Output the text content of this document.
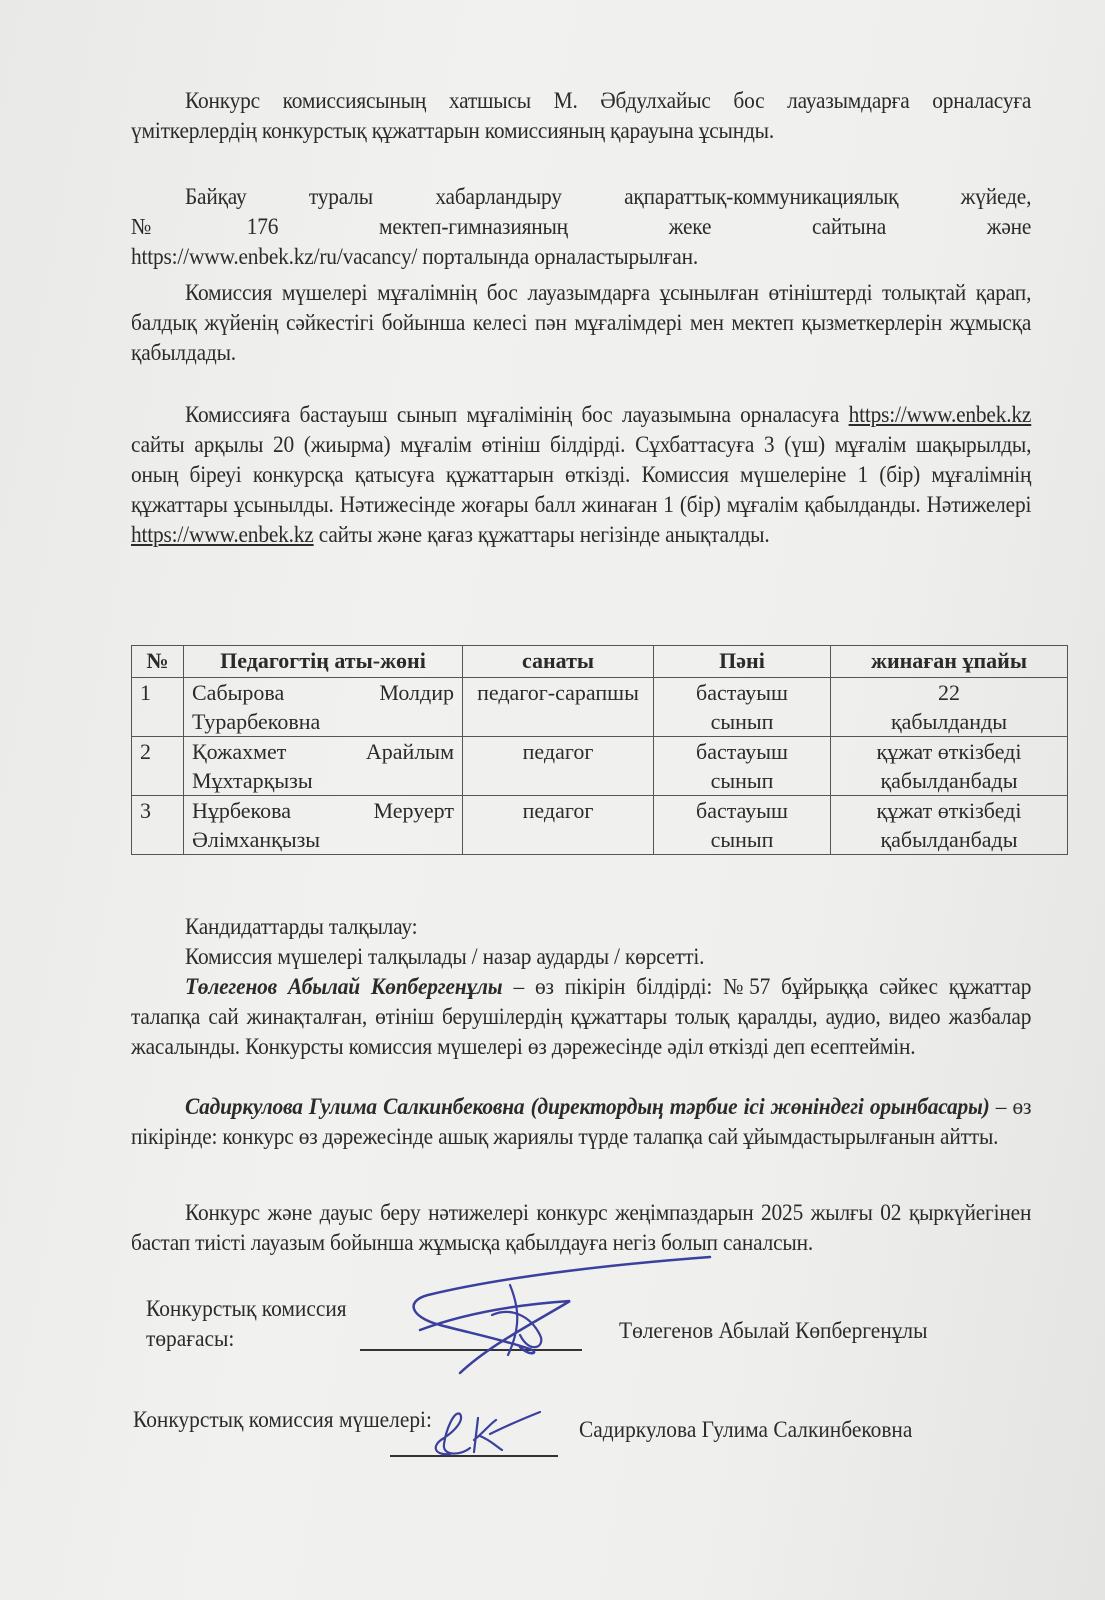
Конкурс комиссиясының хатшысы М. Әбдулхайыс бос лауазымдарға орналасуға үміткерлердің конкурстық құжаттарын комиссияның қарауына ұсынды.
Байқау туралы хабарландыру ақпараттық-коммуникациялық жүйеде,
№176 мектеп-гимназияның жеке сайтына және
https://www.enbek.kz/ru/vacancy/ порталында орналастырылған.
Комиссия мүшелері мұғалімнің бос лауазымдарға ұсынылған өтініштерді толықтай қарап, балдық жүйенің сәйкестігі бойынша келесі пән мұғалімдері мен мектеп қызметкерлерін жұмысқа қабылдады.
Комиссияға бастауыш сынып мұғалімінің бос лауазымына орналасуға https://www.enbek.kz сайты арқылы 20 (жиырма) мұғалім өтініш білдірді. Сұхбаттасуға 3 (үш) мұғалім шақырылды, оның біреуі конкурсқа қатысуға құжаттарын өткізді. Комиссия мүшелеріне 1 (бір) мұғалімнің құжаттары ұсынылды. Нәтижесінде жоғары балл жинаған 1 (бір) мұғалім қабылданды. Нәтижелері https://www.enbek.kz сайты және қағаз құжаттары негізінде анықталды.
№	Педагогтің аты-жөні	санаты	Пәні	жинаған ұпайы
1	Сабырова Молдир Турарбековна	педагог-сарапшы	бастауыш сынып	22
қабылданды

2	Қожахмет Арайлым Мұхтарқызы	педагог	бастауыш сынып	құжат өткізбеді
қабылданбады

3	Нұрбекова Меруерт Әлімханқызы	педагог	бастауыш сынып	құжат өткізбеді
қабылданбады
Кандидаттарды талқылау:
Комиссия мүшелері талқылады / назар аударды / көрсетті.
Төлегенов Абылай Көпбергенұлы – өз пікірін білдірді: №57 бұйрыққа сәйкес құжаттар талапқа сай жинақталған, өтініш берушілердің құжаттары толық қаралды, аудио, видео жазбалар жасалынды. Конкурсты комиссия мүшелері өз дәрежесінде әділ өткізді деп есептеймін.
Садиркулова Гулима Салкинбековна (директордың тәрбие ісі жөніндегі орынбасары) – өз пікірінде: конкурс өз дәрежесінде ашық жариялы түрде талапқа сай ұйымдастырылғанын айтты.
Конкурс және дауыс беру нәтижелері конкурс жеңімпаздарын 2025 жылғы 02 қыркүйегінен бастап тиісті лауазым бойынша жұмысқа қабылдауға негіз болып саналсын.
Конкурстық комиссия
төрағасы:	Төлегенов Абылай Көпбергенұлы
Конкурстық комиссия мүшелері:	Садиркулова Гулима Салкинбековна
